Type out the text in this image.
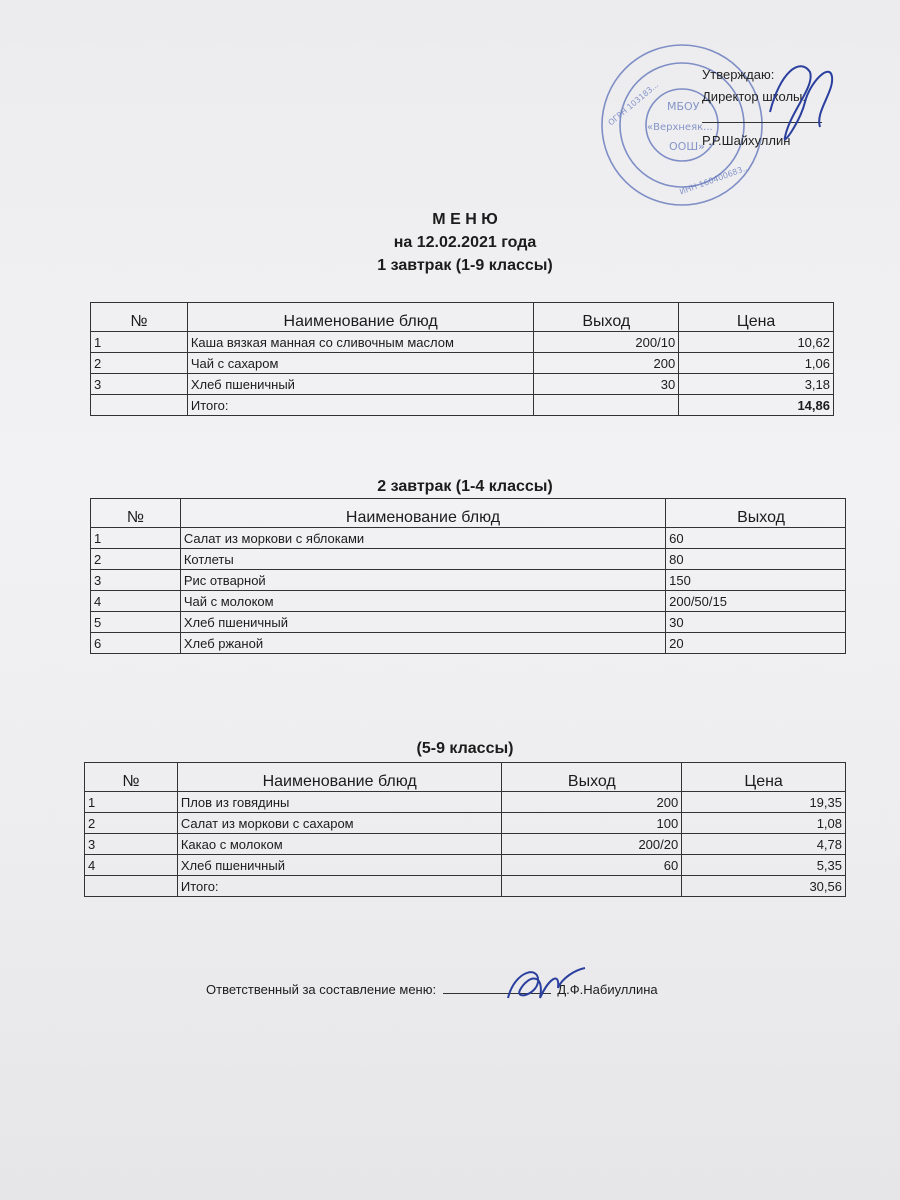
МБОУ
«Верхнеяк...
ООШ»
ОГРН 103183...
ИНН 160400683...
Утверждаю:
Директор школы:
Р.Р.Шайхуллин
М Е Н Ю
на 12.02.2021 года
1 завтрак (1-9 классы)
№	Наименование блюд	Выход	Цена
1	Каша вязкая манная со сливочным маслом	200/10	10,62
2	Чай с сахаром	200	1,06
3	Хлеб пшеничный	30	3,18
	Итого:		14,86
2 завтрак (1-4 классы)
№	Наименование блюд	Выход
1	Салат из моркови с яблоками	60
2	Котлеты	80
3	Рис отварной	150
4	Чай с молоком	200/50/15
5	Хлеб пшеничный	30
6	Хлеб ржаной	20
(5-9 классы)
№	Наименование блюд	Выход	Цена
1	Плов из говядины	200	19,35
2	Салат из моркови с сахаром	100	1,08
3	Какао с молоком	200/20	4,78
4	Хлеб пшеничный	60	5,35
	Итого:		30,56
Ответственный за составление меню:	Д.Ф.Набиуллина
